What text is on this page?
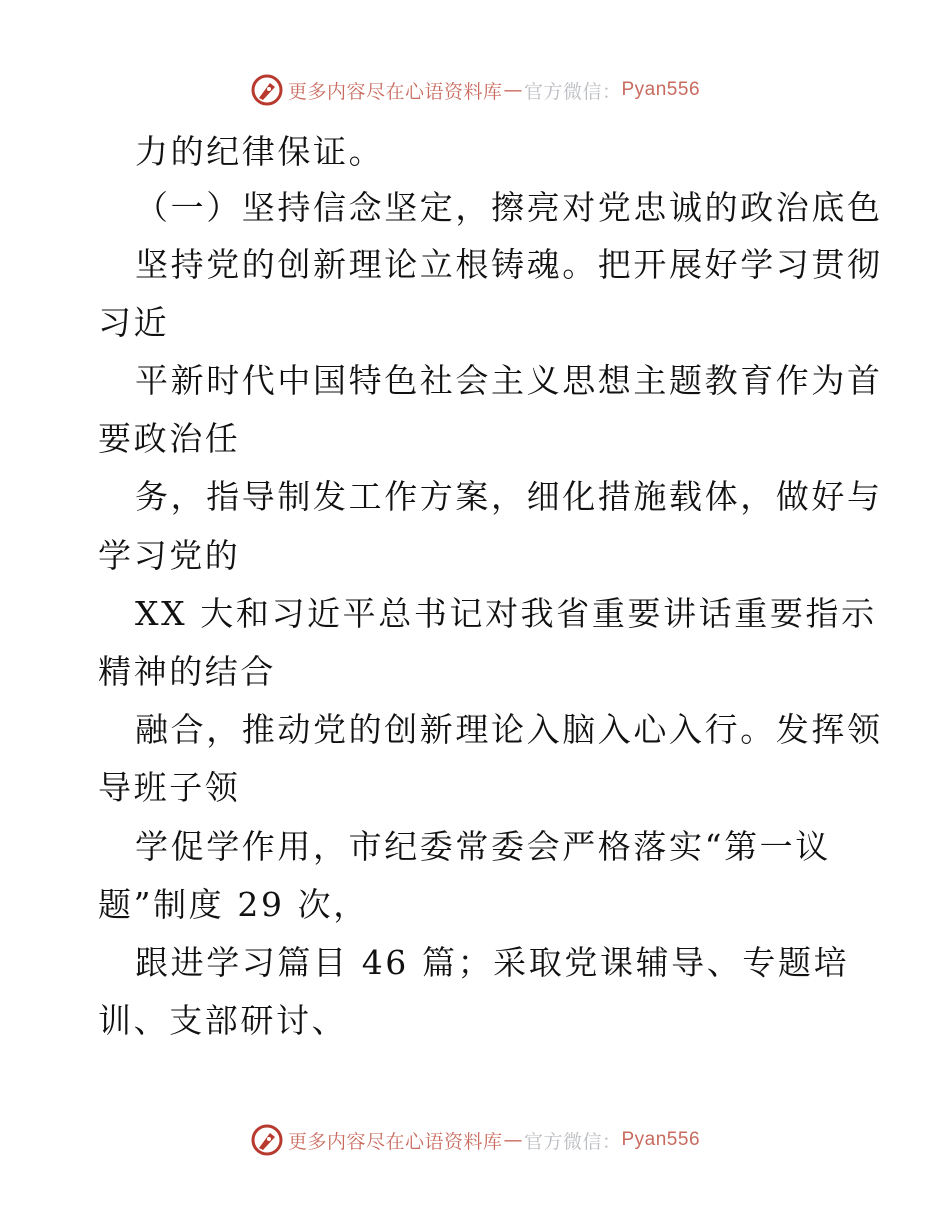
更多内容尽在心语资料库 — 官方微信： Pyan556
力的纪律保证。
（一）坚持信念坚定，擦亮对党忠诚的政治底色
坚持党的创新理论立根铸魂。把开展好学习贯彻
习近
平新时代中国特色社会主义思想主题教育作为首
要政治任
务，指导制发工作方案，细化措施载体，做好与
学习党的
XX 大和习近平总书记对我省重要讲话重要指示
精神的结合
融合，推动党的创新理论入脑入心入行。发挥领
导班子领
学促学作用，市纪委常委会严格落实“第一议
题”制度 29 次，
跟进学习篇目 46 篇；采取党课辅导、专题培
训、支部研讨、
更多内容尽在心语资料库 — 官方微信： Pyan556
